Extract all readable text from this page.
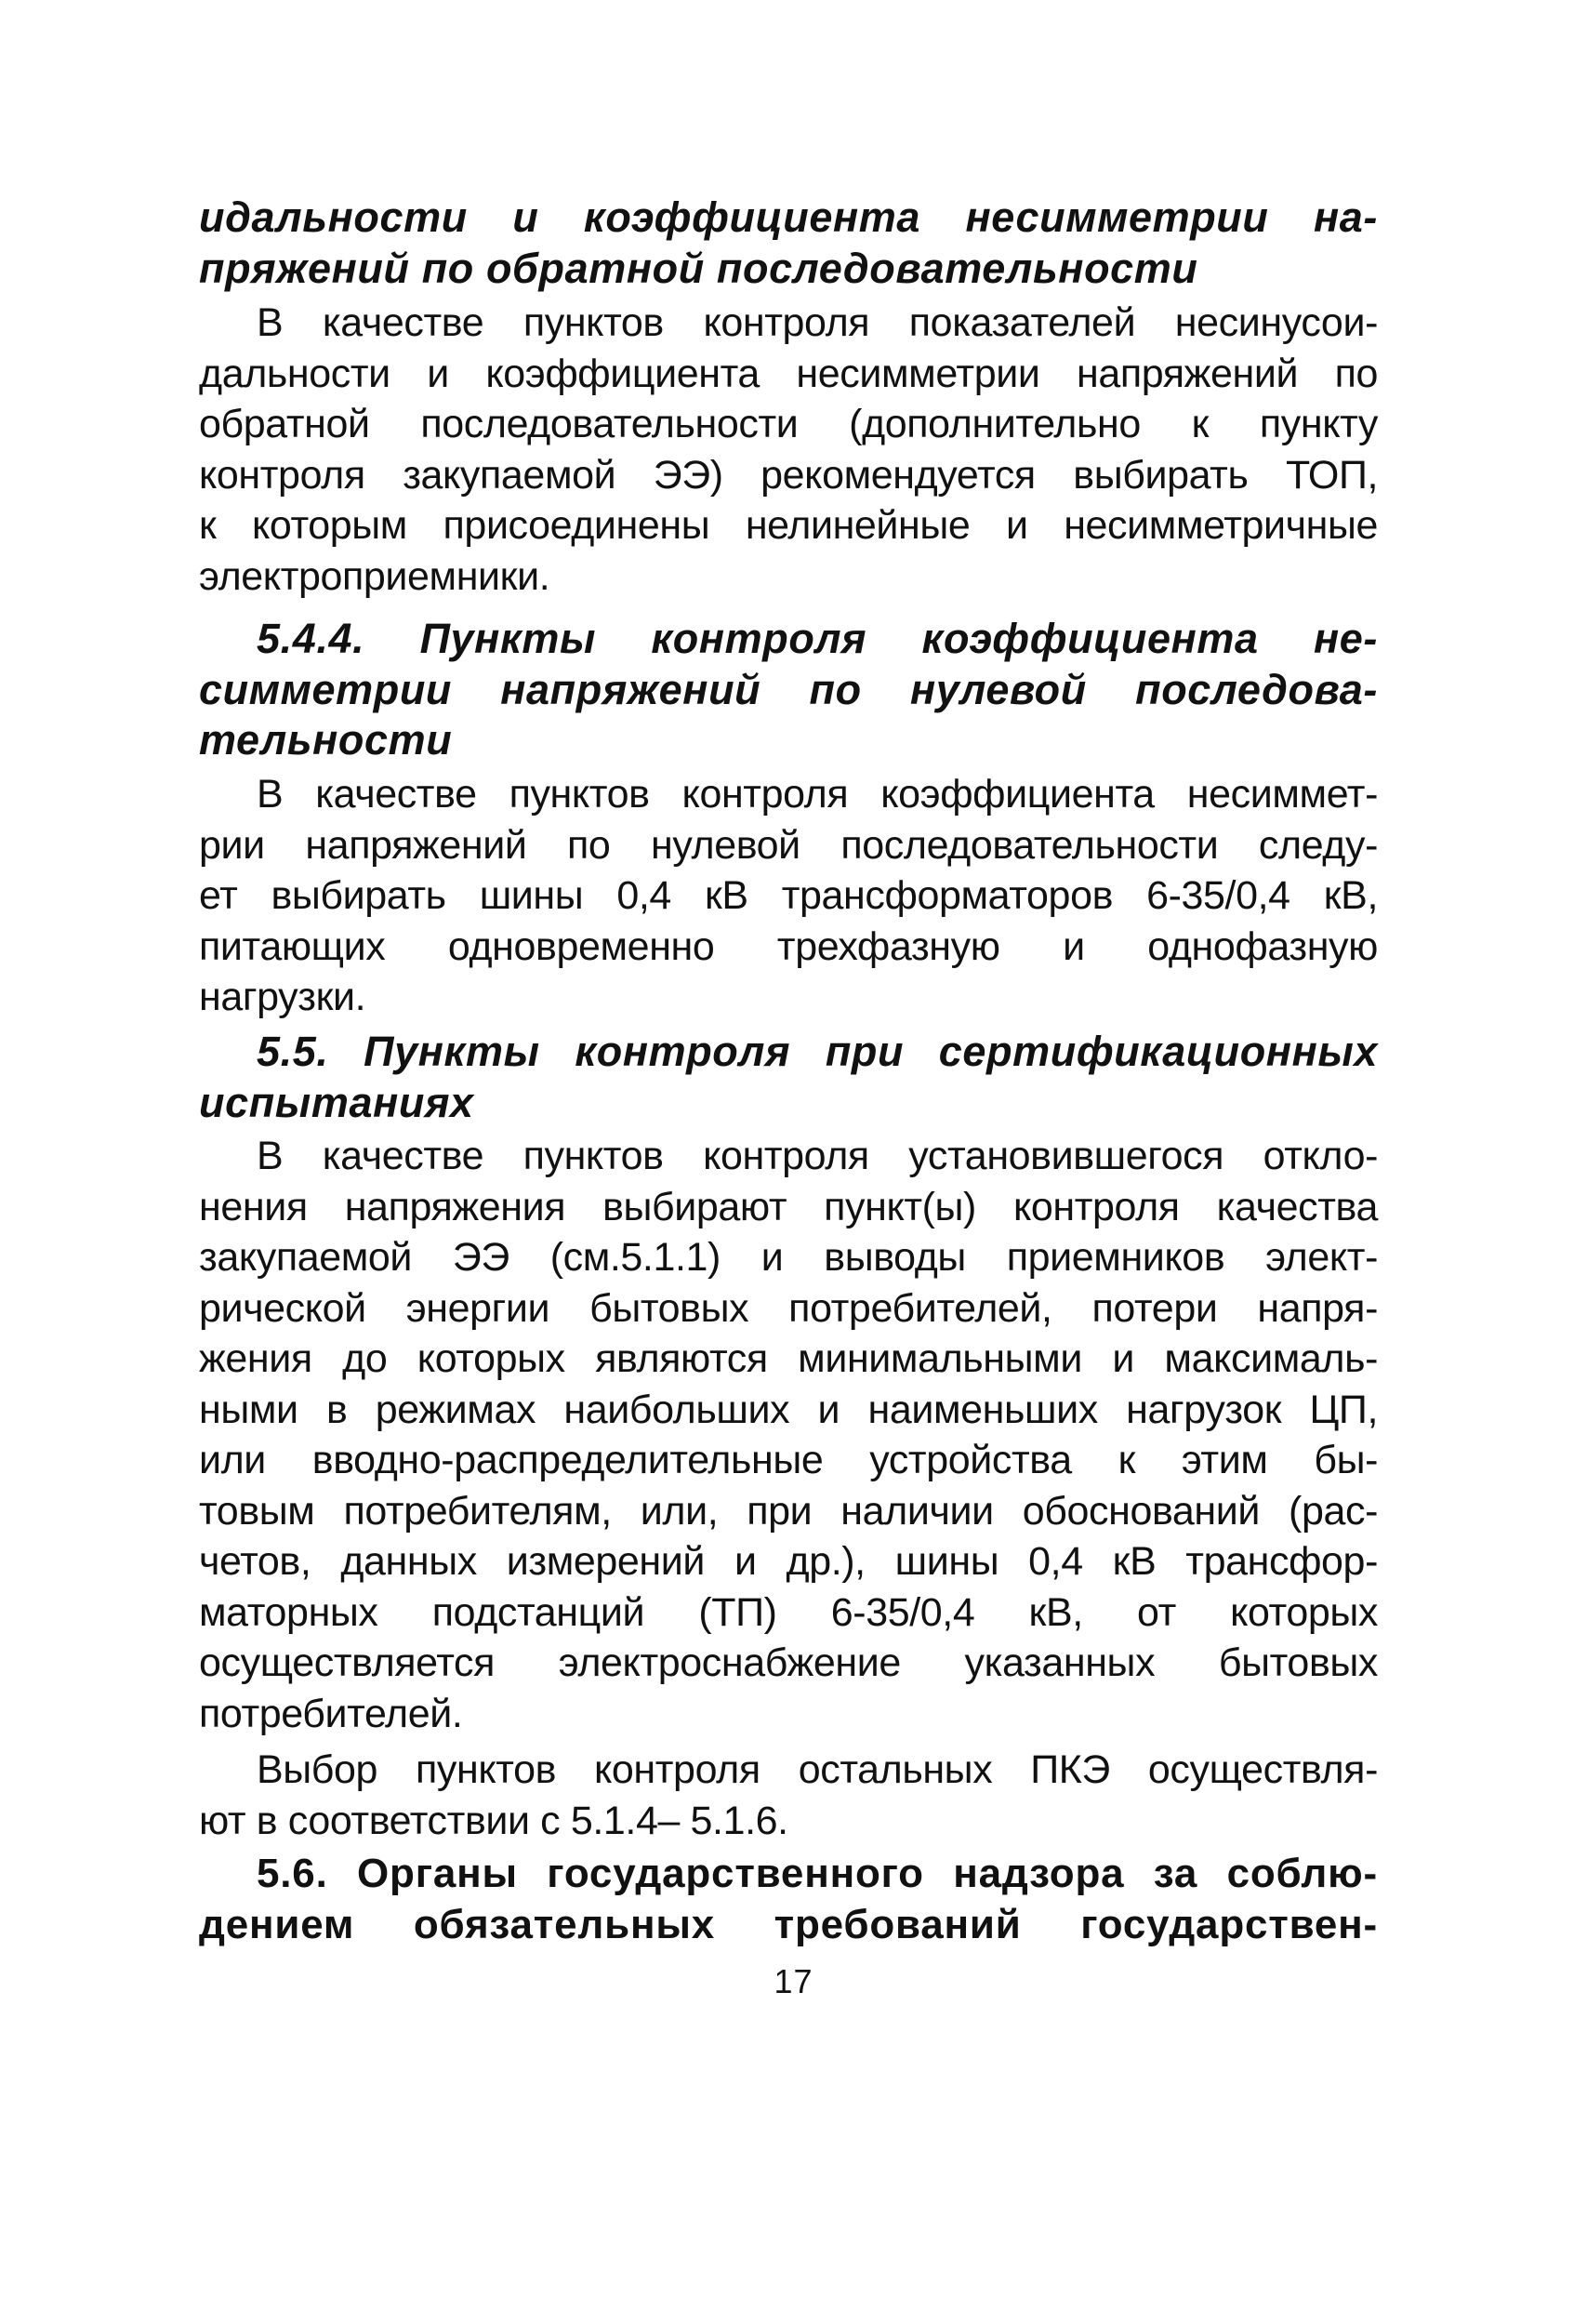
идальности и коэффициента несимметрии на-
пряжений по обратной последовательности
В качестве пунктов контроля показателей несинусои-
дальности и коэффициента несимметрии напряжений по
обратной последовательности (дополнительно к пункту
контроля закупаемой ЭЭ) рекомендуется выбирать ТОП,
к которым присоединены нелинейные и несимметричные
электроприемники.
5.4.4. Пункты контроля коэффициента не-
симметрии напряжений по нулевой последова-
тельности
В качестве пунктов контроля коэффициента несиммет-
рии напряжений по нулевой последовательности следу-
ет выбирать шины 0,4 кВ трансформаторов 6-35/0,4 кВ,
питающих одновременно трехфазную и однофазную
нагрузки.
5.5. Пункты контроля при сертификационных
испытаниях
В качестве пунктов контроля установившегося откло-
нения напряжения выбирают пункт(ы) контроля качества
закупаемой ЭЭ (см.5.1.1) и выводы приемников элект-
рической энергии бытовых потребителей, потери напря-
жения до которых являются минимальными и максималь-
ными в режимах наибольших и наименьших нагрузок ЦП,
или вводно-распределительные устройства к этим бы-
товым потребителям, или, при наличии обоснований (рас-
четов, данных измерений и др.), шины 0,4 кВ трансфор-
маторных подстанций (ТП) 6-35/0,4 кВ, от которых
осуществляется электроснабжение указанных бытовых
потребителей.
Выбор пунктов контроля остальных ПКЭ осуществля-
ют в соответствии с 5.1.4– 5.1.6.
5.6. Органы государственного надзора за соблю-
дением обязательных требований государствен-
17
